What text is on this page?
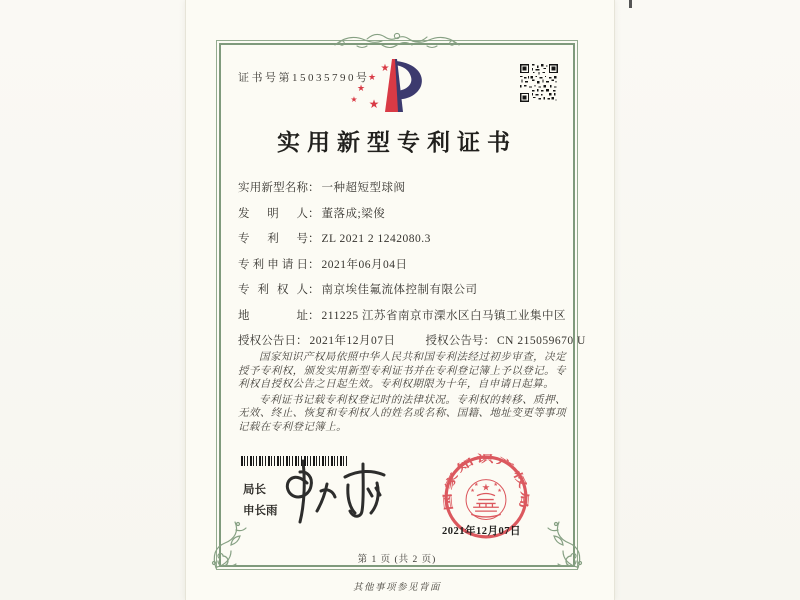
证书号第15035790号
★
★
★
★ ★
实用新型专利证书
实用新型名称： 一种超短型球阀
发明人： 董落成;梁俊
专利号： ZL 2021 2 1242080.3
专利申请日： 2021年06月04日
专利权人： 南京埃佳氟流体控制有限公司
地址： 211225 江苏省南京市溧水区白马镇工业集中区
授权公告日： 2021年12月07日	授权公告号： CN 215059670 U

国家知识产权局依照中华人民共和国专利法经过初步审查，决定授予专利权，颁发实用新型专利证书并在专利登记簿上予以登记。专利权自授权公告之日起生效。专利权期限为十年，自申请日起算。

专利证书记载专利权登记时的法律状况。专利权的转移、质押、无效、终止、恢复和专利权人的姓名或名称、国籍、地址变更等事项记载在专利登记簿上。

局长
申长雨
国家知识产权局
★
★ ★
★	★
2021年12月07日
第 1 页 (共 2 页)
其他事项参见背面
